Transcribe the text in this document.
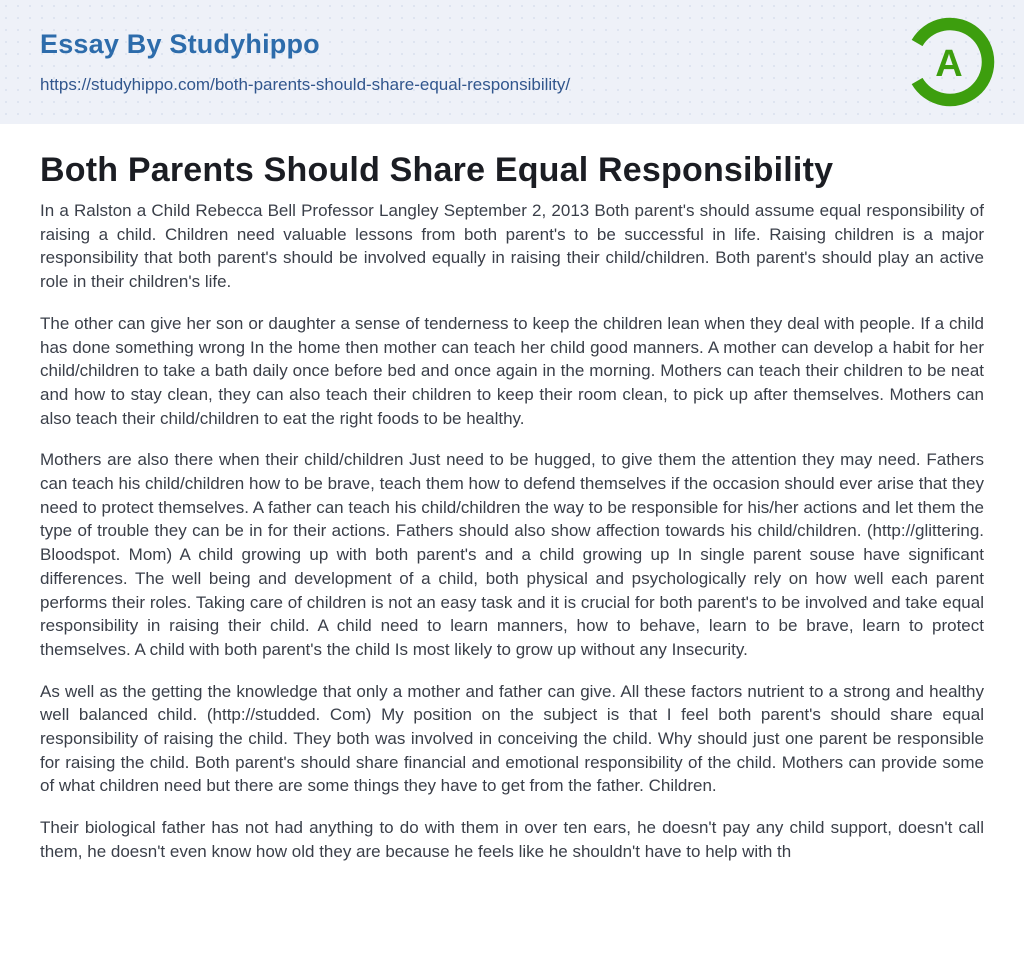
Essay By Studyhippo
https://studyhippo.com/both-parents-should-share-equal-responsibility/	A
Both Parents Should Share Equal Responsibility

In a Ralston a Child Rebecca Bell Professor Langley September 2, 2013 Both parent's should assume equal responsibility of raising a child. Children need valuable lessons from both parent's to be successful in life. Raising children is a major responsibility that both parent's should be involved equally in raising their child/children. Both parent's should play an active role in their children's life.

The other can give her son or daughter a sense of tenderness to keep the children lean when they deal with people. If a child has done something wrong In the home then mother can teach her child good manners. A mother can develop a habit for her child/children to take a bath daily once before bed and once again in the morning. Mothers can teach their children to be neat and how to stay clean, they can also teach their children to keep their room clean, to pick up after themselves. Mothers can also teach their child/children to eat the right foods to be healthy.

Mothers are also there when their child/children Just need to be hugged, to give them the attention they may need. Fathers can teach his child/children how to be brave, teach them how to defend themselves if the occasion should ever arise that they need to protect themselves. A father can teach his child/children the way to be responsible for his/her actions and let them the type of trouble they can be in for their actions. Fathers should also show affection towards his child/children. (http://glittering. Bloodspot. Mom) A child growing up with both parent's and a child growing up In single parent souse have significant differences. The well being and development of a child, both physical and psychologically rely on how well each parent performs their roles. Taking care of children is not an easy task and it is crucial for both parent's to be involved and take equal responsibility in raising their child. A child need to learn manners, how to behave, learn to be brave, learn to protect themselves. A child with both parent's the child Is most likely to grow up without any Insecurity.

As well as the getting the knowledge that only a mother and father can give. All these factors nutrient to a strong and healthy well balanced child. (http://studded. Com) My position on the subject is that I feel both parent's should share equal responsibility of raising the child. They both was involved in conceiving the child. Why should just one parent be responsible for raising the child. Both parent's should share financial and emotional responsibility of the child. Mothers can provide some of what children need but there are some things they have to get from the father. Children.

Their biological father has not had anything to do with them in over ten ears, he doesn't pay any child support, doesn't call them, he doesn't even know how old they are because he feels like he shouldn't have to help with th
